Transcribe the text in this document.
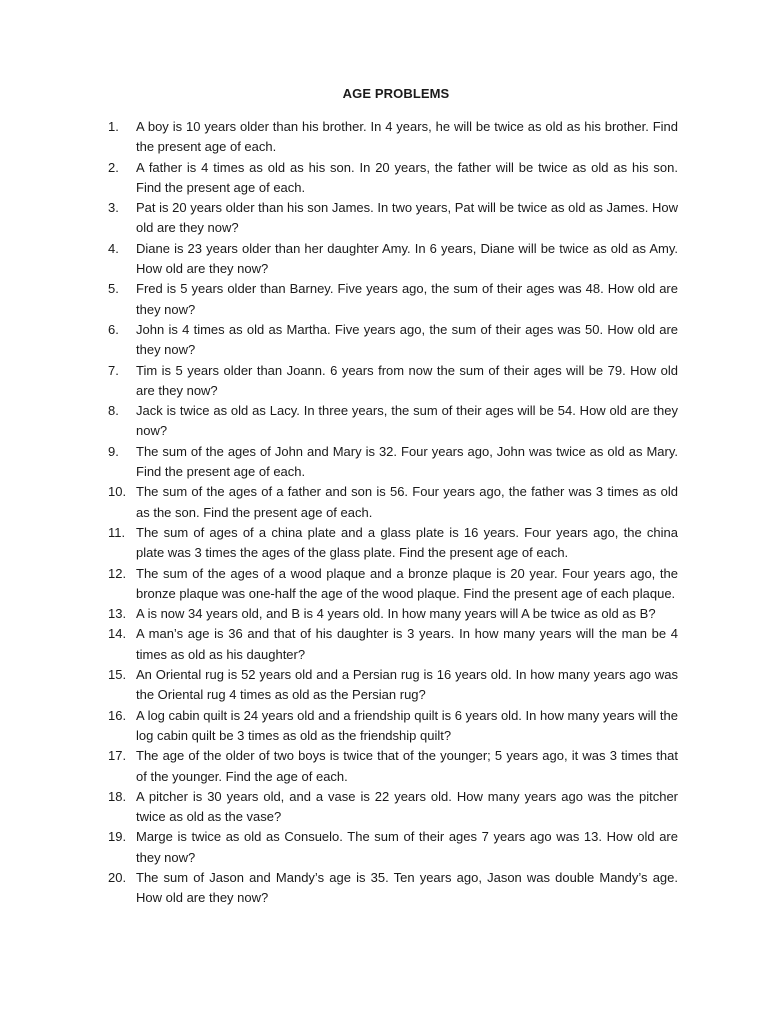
AGE PROBLEMS
1.	A boy is 10 years older than his brother. In 4 years, he will be twice as old as his brother. Find the present age of each.
2.	A father is 4 times as old as his son. In 20 years, the father will be twice as old as his son. Find the present age of each.
3.	Pat is 20 years older than his son James. In two years, Pat will be twice as old as James. How old are they now?
4.	Diane is 23 years older than her daughter Amy. In 6 years, Diane will be twice as old as Amy. How old are they now?
5.	Fred is 5 years older than Barney. Five years ago, the sum of their ages was 48. How old are they now?
6.	John is 4 times as old as Martha. Five years ago, the sum of their ages was 50. How old are they now?
7.	Tim is 5 years older than Joann. 6 years from now the sum of their ages will be 79. How old are they now?
8.	Jack is twice as old as Lacy. In three years, the sum of their ages will be 54. How old are they now?
9.	The sum of the ages of John and Mary is 32. Four years ago, John was twice as old as Mary. Find the present age of each.
10. The sum of the ages of a father and son is 56. Four years ago, the father was 3 times as old as the son. Find the present age of each.
11. The sum of ages of a china plate and a glass plate is 16 years. Four years ago, the china plate was 3 times the ages of the glass plate. Find the present age of each.
12. The sum of the ages of a wood plaque and a bronze plaque is 20 year. Four years ago, the bronze plaque was one-half the age of the wood plaque. Find the present age of each plaque.
13. A is now 34 years old, and B is 4 years old. In how many years will A be twice as old as B?
14. A man’s age is 36 and that of his daughter is 3 years. In how many years will the man be 4 times as old as his daughter?
15. An Oriental rug is 52 years old and a Persian rug is 16 years old. In how many years ago was the Oriental rug 4 times as old as the Persian rug?
16. A log cabin quilt is 24 years old and a friendship quilt is 6 years old. In how many years will the log cabin quilt be 3 times as old as the friendship quilt?
17. The age of the older of two boys is twice that of the younger; 5 years ago, it was 3 times that of the younger. Find the age of each.
18. A pitcher is 30 years old, and a vase is 22 years old. How many years ago was the pitcher twice as old as the vase?
19. Marge is twice as old as Consuelo. The sum of their ages 7 years ago was 13. How old are they now?
20. The sum of Jason and Mandy’s age is 35. Ten years ago, Jason was double Mandy’s age. How old are they now?
